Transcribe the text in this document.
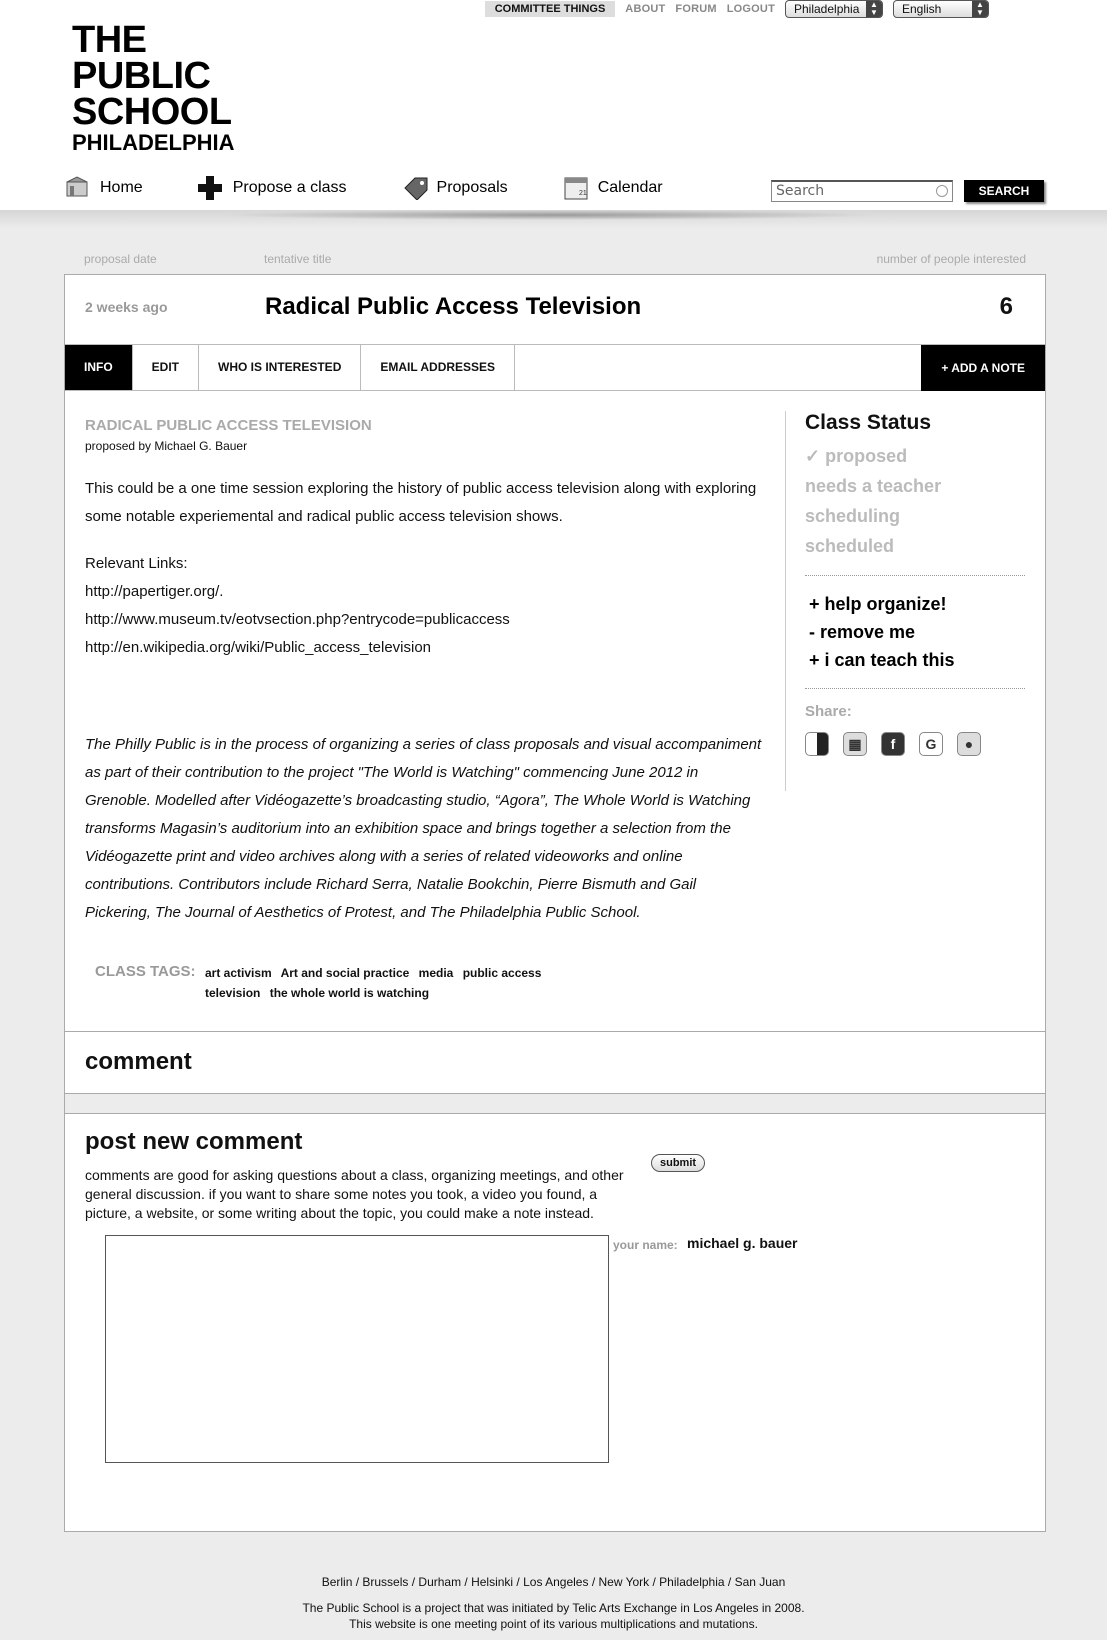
COMMITTEE THINGS	ABOUT FORUM LOGOUT	Philadelphia	▲
▼	English	▲
▼
THE
PUBLIC
SCHOOL
PHILADELPHIA
Home	Propose a class	Proposals	21 Calendar	Search	SEARCH
proposal date	tentative title	number of people interested
2 weeks ago	Radical Public Access Television	6
INFO	EDIT	WHO IS INTERESTED	EMAIL ADDRESSES	+ ADD A NOTE
RADICAL PUBLIC ACCESS TELEVISION
proposed by Michael G. Bauer
This could be a one time session exploring the history of public access television along with exploring some notable experiemental and radical public access television shows.
Relevant Links:
http://papertiger.org/.
http://www.museum.tv/eotvsection.php?entrycode=publicaccess
http://en.wikipedia.org/wiki/Public_access_television
The Philly Public is in the process of organizing a series of class proposals and visual accompaniment as part of their contribution to the project "The World is Watching" commencing June 2012 in Grenoble. Modelled after Vidéogazette’s broadcasting studio, “Agora”, The Whole World is Watching transforms Magasin’s auditorium into an exhibition space and brings together a selection from the Vidéogazette print and video archives along with a series of related videoworks and online contributions. Contributors include Richard Serra, Natalie Bookchin, Pierre Bismuth and Gail Pickering, The Journal of Aesthetics of Protest, and The Philadelphia Public School.
CLASS TAGS: art activism Art and social practice media public access television the whole world is watching
Class Status
✓ proposed
needs a teacher
scheduling
scheduled
+ help organize!
- remove me
+ i can teach this
Share:
▦	f	G	●
comment
post new comment
comments are good for asking questions about a class, organizing meetings, and other general discussion. if you want to share some notes you took, a video you found, a picture, a website, or some writing about the topic, you could make a note instead.
submit
your name: michael g. bauer
Berlin / Brussels / Durham / Helsinki / Los Angeles / New York / Philadelphia / San Juan
The Public School is a project that was initiated by Telic Arts Exchange in Los Angeles in 2008.
This website is one meeting point of its various multiplications and mutations.
